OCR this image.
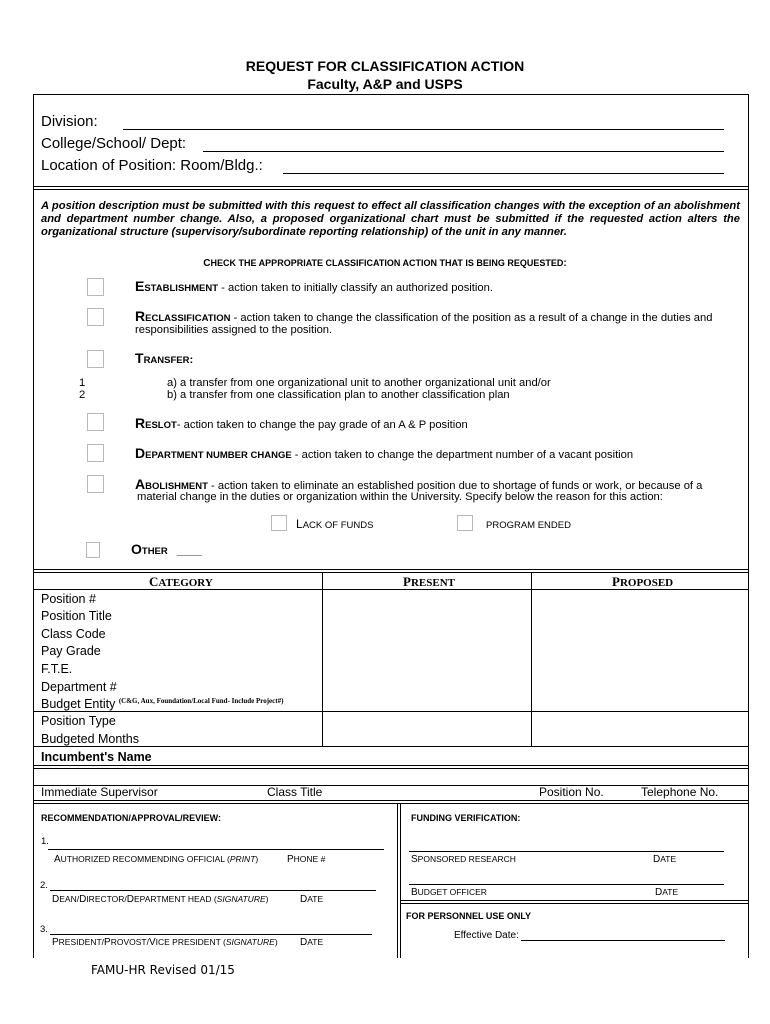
REQUEST FOR CLASSIFICATION ACTION
Faculty, A&P and USPS
Division:
College/School/ Dept:
Location of Position: Room/Bldg.:
A position description must be submitted with this request to effect all classification changes with the exception of an abolishment and department number change. Also, a proposed organizational chart must be submitted if the requested action alters the organizational structure (supervisory/subordinate reporting relationship) of the unit in any manner.
CHECK THE APPROPRIATE CLASSIFICATION ACTION THAT IS BEING REQUESTED:
ESTABLISHMENT - action taken to initially classify an authorized position.
RECLASSIFICATION - action taken to change the classification of the position as a result of a change in the duties and
responsibilities assigned to the position.
TRANSFER:
1
2
a) a transfer from one organizational unit to another organizational unit and/or
b) a transfer from one classification plan to another classification plan
RESLOT- action taken to change the pay grade of an A & P position
DEPARTMENT NUMBER CHANGE - action taken to change the department number of a vacant position
ABOLISHMENT - action taken to eliminate an established position due to shortage of funds or work, or because of a
material change in the duties or organization within the University. Specify below the reason for this action:
LACK OF FUNDS	PROGRAM ENDED
OTHER ____
CATEGORY	PRESENT	PROPOSED
Position #
Position Title
Class Code
Pay Grade
F.T.E.
Department #
Budget Entity $^{(C\&G, Aux, Foundation/Local Fund- Include Project\#)}$
Position Type
Budgeted Months
Incumbent's Name
Immediate Supervisor	Class Title	Position No.	Telephone No.
RECOMMENDATION/APPROVAL/REVIEW:
1.
AUTHORIZED RECOMMENDING OFFICIAL (PRINT)	PHONE #
2.
DEAN/DIRECTOR/DEPARTMENT HEAD (SIGNATURE)	DATE
3.
PRESIDENT/PROVOST/VICE PRESIDENT (SIGNATURE) DATE
FUNDING VERIFICATION:
SPONSORED RESEARCH	DATE
BUDGET OFFICER	DATE
FOR PERSONNEL USE ONLY
Effective Date:
FAMU-HR Revised 01/15
